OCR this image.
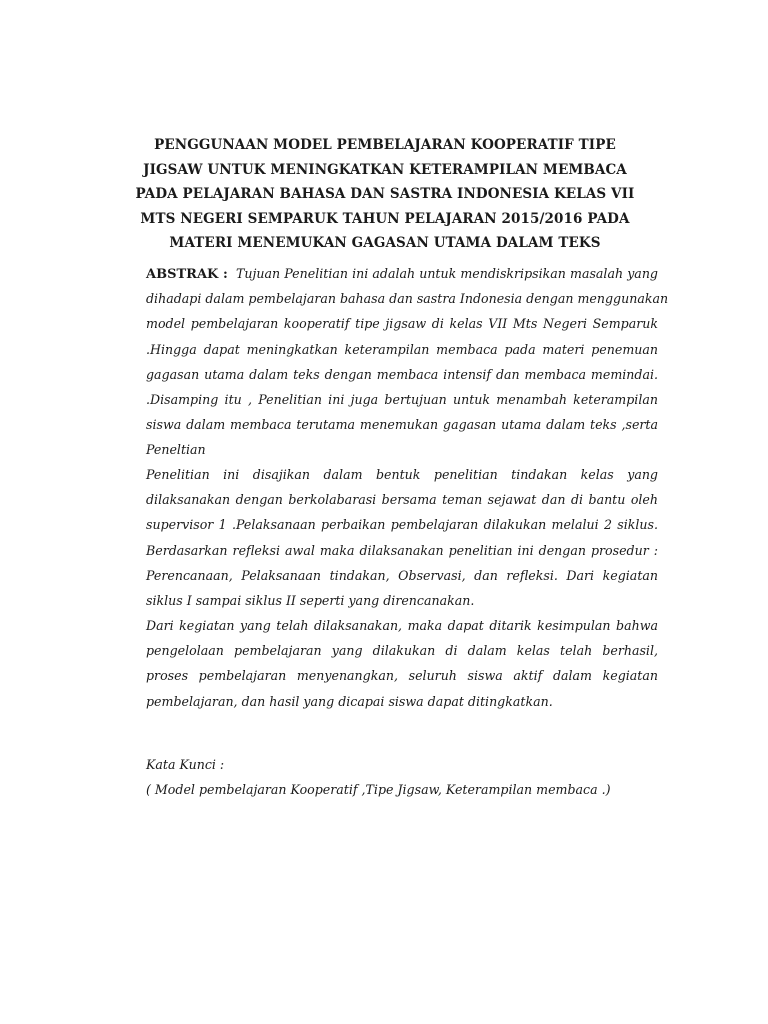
PENGGUNAAN MODEL PEMBELAJARAN KOOPERATIF TIPE
JIGSAW UNTUK MENINGKATKAN KETERAMPILAN MEMBACA
PADA PELAJARAN BAHASA DAN SASTRA INDONESIA KELAS VII
MTS NEGERI SEMPARUK TAHUN PELAJARAN 2015/2016 PADA
MATERI MENEMUKAN GAGASAN UTAMA DALAM TEKS
ABSTRAK : Tujuan Penelitian ini adalah untuk mendiskripsikan masalah yang
dihadapi dalam pembelajaran bahasa dan sastra Indonesia dengan menggunakan
model pembelajaran kooperatif tipe jigsaw di kelas VII Mts Negeri Semparuk
.Hingga dapat meningkatkan keterampilan membaca pada materi penemuan
gagasan utama dalam teks dengan membaca intensif dan membaca memindai.
.Disamping itu , Penelitian ini juga bertujuan untuk menambah keterampilan
siswa dalam membaca terutama menemukan gagasan utama dalam teks ,serta
Peneltian
Penelitian ini disajikan dalam bentuk penelitian tindakan kelas yang
dilaksanakan dengan berkolabarasi bersama teman sejawat dan di bantu oleh
supervisor 1 .Pelaksanaan perbaikan pembelajaran dilakukan melalui 2 siklus.
Berdasarkan refleksi awal maka dilaksanakan penelitian ini dengan prosedur :
Perencanaan, Pelaksanaan tindakan, Observasi, dan refleksi. Dari kegiatan
siklus I sampai siklus II seperti yang direncanakan.
Dari kegiatan yang telah dilaksanakan, maka dapat ditarik kesimpulan bahwa
pengelolaan pembelajaran yang dilakukan di dalam kelas telah berhasil,
proses pembelajaran menyenangkan, seluruh siswa aktif dalam kegiatan
pembelajaran, dan hasil yang dicapai siswa dapat ditingkatkan.
Kata Kunci :
( Model pembelajaran Kooperatif ,Tipe Jigsaw, Keterampilan membaca .)
